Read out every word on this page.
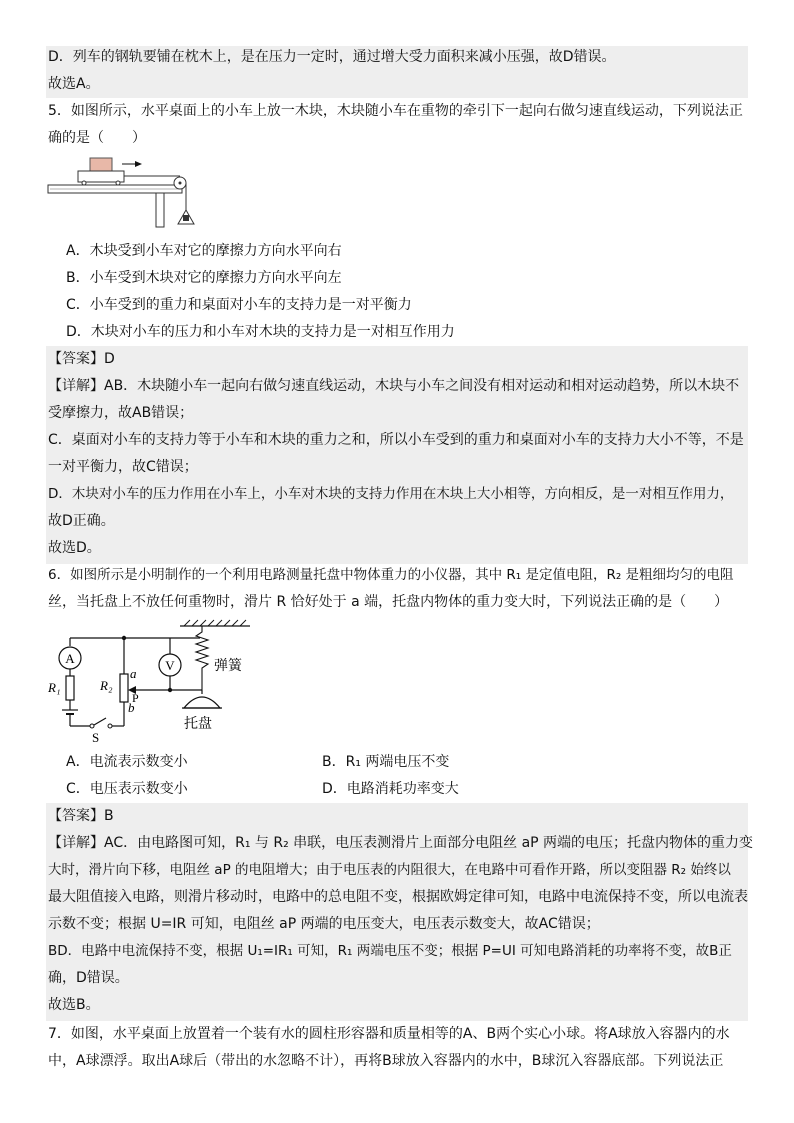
D．列车的钢轨要铺在枕木上，是在压力一定时，通过增大受力面积来减小压强，故D错误。
故选A。
5．如图所示，水平桌面上的小车上放一木块，木块随小车在重物的牵引下一起向右做匀速直线运动，下列说法正
确的是（　　）
A．木块受到小车对它的摩擦力方向水平向右
B．小车受到木块对它的摩擦力方向水平向左
C．小车受到的重力和桌面对小车的支持力是一对平衡力
D．木块对小车的压力和小车对木块的支持力是一对相互作用力
【答案】D
【详解】AB．木块随小车一起向右做匀速直线运动，木块与小车之间没有相对运动和相对运动趋势，所以木块不
受摩擦力，故AB错误；
C．桌面对小车的支持力等于小车和木块的重力之和，所以小车受到的重力和桌面对小车的支持力大小不等，不是
一对平衡力，故C错误；
D．木块对小车的压力作用在小车上，小车对木块的支持力作用在木块上大小相等，方向相反，是一对相互作用力，
故D正确。
故选D。
6．如图所示是小明制作的一个利用电路测量托盘中物体重力的小仪器，其中 R₁ 是定值电阻，R₂ 是粗细均匀的电阻
丝，当托盘上不放任何重物时，滑片 R 恰好处于 a 端，托盘内物体的重力变大时，下列说法正确的是（　　）
A
R₁
S
R₂
a
b
P
V	弹簧
托盘
A．电流表示数变小	B．R₁ 两端电压不变
C．电压表示数变小	D．电路消耗功率变大
【答案】B
【详解】AC．由电路图可知，R₁ 与 R₂ 串联，电压表测滑片上面部分电阻丝 aP 两端的电压；托盘内物体的重力变
大时，滑片向下移，电阻丝 aP 的电阻增大；由于电压表的内阻很大，在电路中可看作开路，所以变阻器 R₂ 始终以
最大阻值接入电路，则滑片移动时，电路中的总电阻不变，根据欧姆定律可知，电路中电流保持不变，所以电流表
示数不变；根据 U=IR 可知，电阻丝 aP 两端的电压变大，电压表示数变大，故AC错误；
BD．电路中电流保持不变，根据 U₁=IR₁ 可知，R₁ 两端电压不变；根据 P=UI 可知电路消耗的功率将不变，故B正
确，D错误。
故选B。
7．如图，水平桌面上放置着一个装有水的圆柱形容器和质量相等的A、B两个实心小球。将A球放入容器内的水
中，A球漂浮。取出A球后（带出的水忽略不计），再将B球放入容器内的水中，B球沉入容器底部。下列说法正
